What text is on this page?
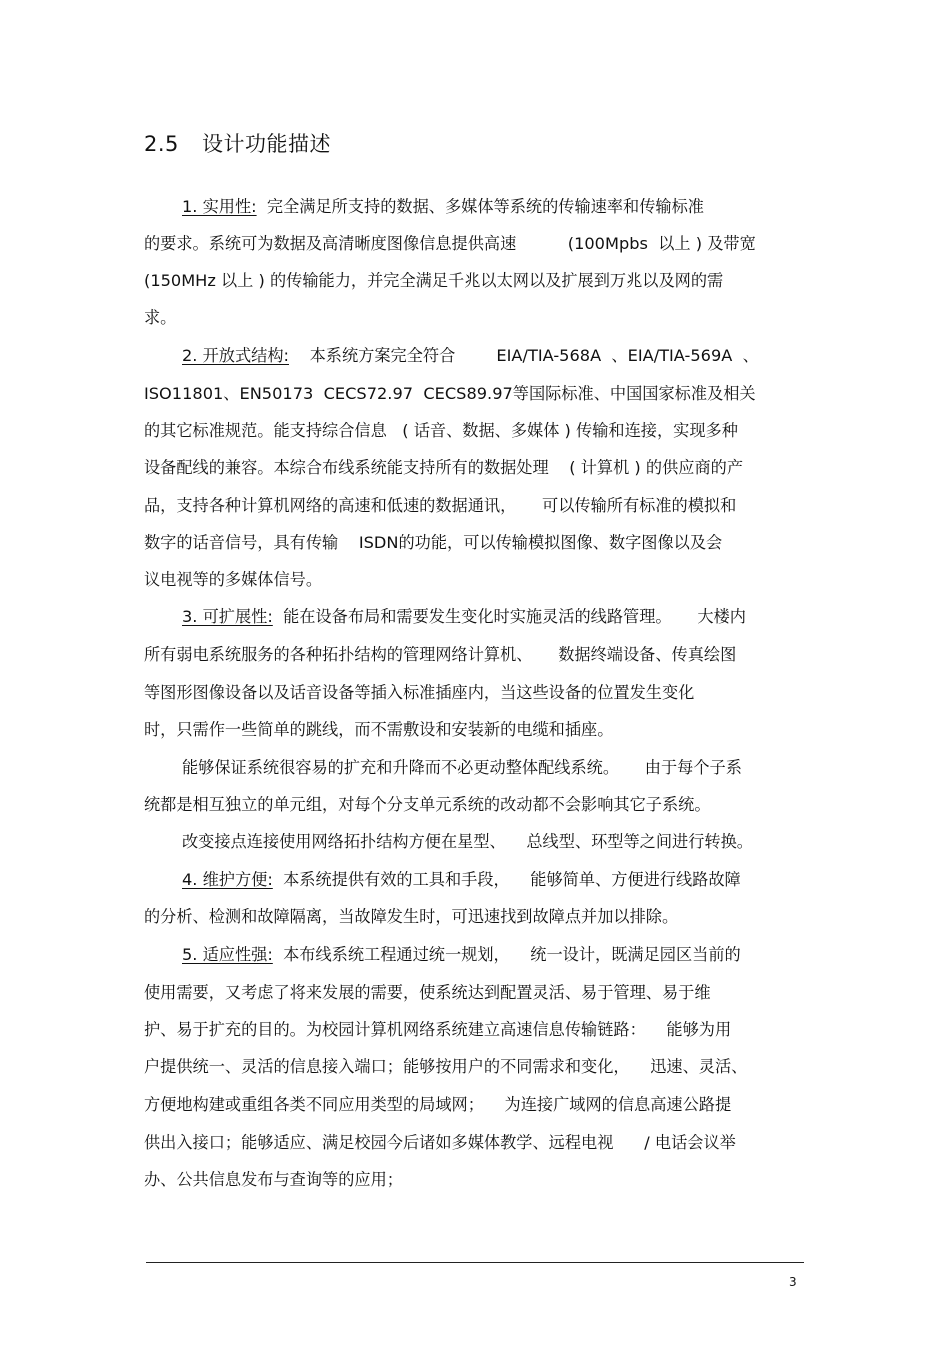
2.5 设计功能描述
1. 实用性:  完全满足所支持的数据、多媒体等系统的传输速率和传输标准
的要求。系统可为数据及高清晰度图像信息提供高速          (100Mpbs  以上 ) 及带宽
(150MHz 以上 ) 的传输能力，并完全满足千兆以太网以及扩展到万兆以及网的需
求。
2. 开放式结构:    本系统方案完全符合        EIA/TIA-568A  、EIA/TIA-569A  、
ISO11801、EN50173  CECS72.97  CECS89.97等国际标准、中国国家标准及相关
的其它标准规范。能支持综合信息   ( 话音、数据、多媒体 ) 传输和连接，实现多种
设备配线的兼容。本综合布线系统能支持所有的数据处理    ( 计算机 ) 的供应商的产
品，支持各种计算机网络的高速和低速的数据通讯，     可以传输所有标准的模拟和
数字的话音信号，具有传输    ISDN的功能，可以传输模拟图像、数字图像以及会
议电视等的多媒体信号。
3. 可扩展性:  能在设备布局和需要发生变化时实施灵活的线路管理。     大楼内
所有弱电系统服务的各种拓扑结构的管理网络计算机、     数据终端设备、传真绘图
等图形图像设备以及话音设备等插入标准插座内，当这些设备的位置发生变化
时，只需作一些简单的跳线，而不需敷设和安装新的电缆和插座。
能够保证系统很容易的扩充和升降而不必更动整体配线系统。     由于每个子系
统都是相互独立的单元组，对每个分支单元系统的改动都不会影响其它子系统。
改变接点连接使用网络拓扑结构方便在星型、    总线型、环型等之间进行转换。
4. 维护方便:  本系统提供有效的工具和手段，    能够简单、方便进行线路故障
的分析、检测和故障隔离，当故障发生时，可迅速找到故障点并加以排除。
5. 适应性强:  本布线系统工程通过统一规划，    统一设计，既满足园区当前的
使用需要，又考虑了将来发展的需要，使系统达到配置灵活、易于管理、易于维
护、易于扩充的目的。为校园计算机网络系统建立高速信息传输链路：    能够为用
户提供统一、灵活的信息接入端口；能够按用户的不同需求和变化，    迅速、灵活、
方便地构建或重组各类不同应用类型的局域网；    为连接广域网的信息高速公路提
供出入接口；能够适应、满足校园今后诸如多媒体教学、远程电视      / 电话会议举
办、公共信息发布与查询等的应用；
3
